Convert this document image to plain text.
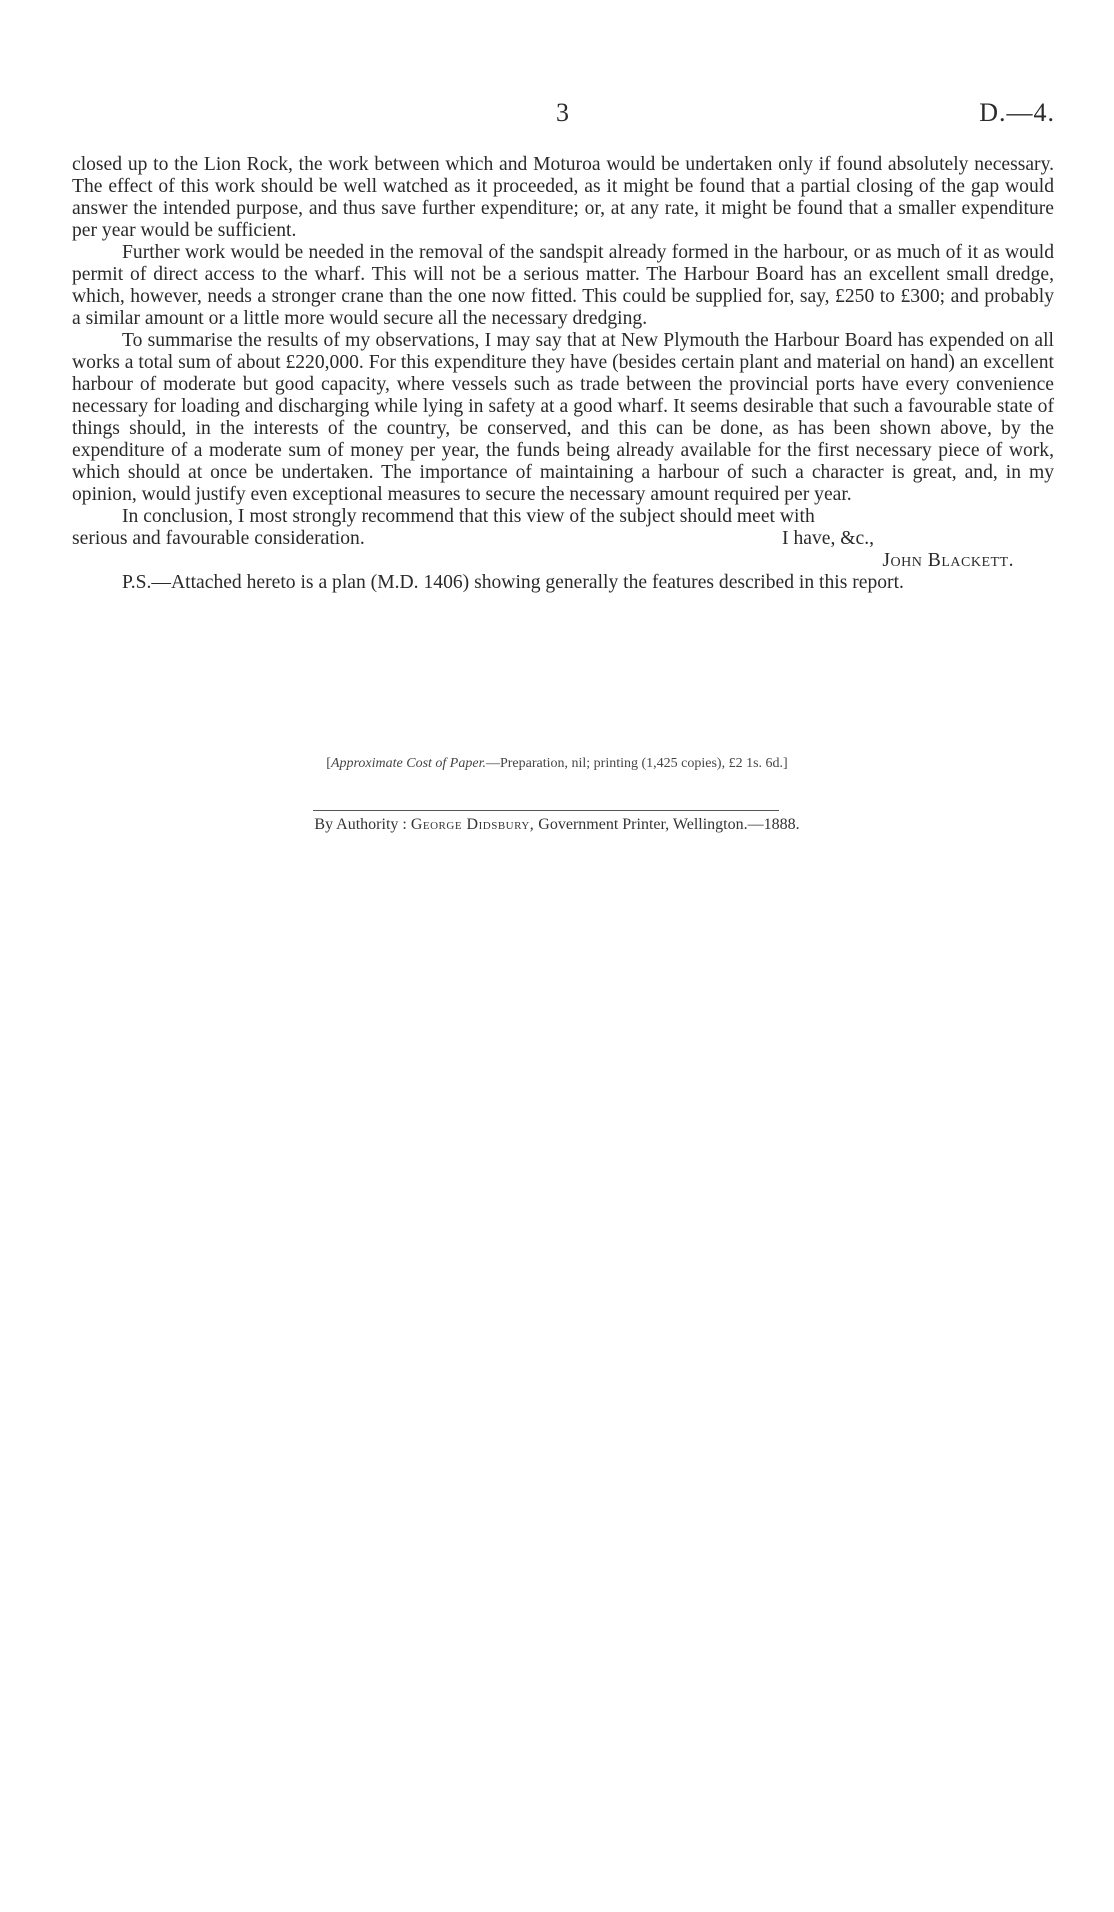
3	D.—4.

closed up to the Lion Rock, the work between which and Moturoa would be undertaken only if found absolutely necessary. The effect of this work should be well watched as it proceeded, as it might be found that a partial closing of the gap would answer the intended purpose, and thus save further expenditure; or, at any rate, it might be found that a smaller expenditure per year would be sufficient.

Further work would be needed in the removal of the sandspit already formed in the harbour, or as much of it as would permit of direct access to the wharf. This will not be a serious matter. The Harbour Board has an excellent small dredge, which, however, needs a stronger crane than the one now fitted. This could be supplied for, say, £250 to £300; and probably a similar amount or a little more would secure all the necessary dredging.

To summarise the results of my observations, I may say that at New Plymouth the Harbour Board has expended on all works a total sum of about £220,000. For this expenditure they have (besides certain plant and material on hand) an excellent harbour of moderate but good capacity, where vessels such as trade between the provincial ports have every convenience necessary for loading and discharging while lying in safety at a good wharf. It seems desirable that such a favourable state of things should, in the interests of the country, be conserved, and this can be done, as has been shown above, by the expenditure of a moderate sum of money per year, the funds being already available for the first necessary piece of work, which should at once be undertaken. The importance of maintaining a harbour of such a character is great, and, in my opinion, would justify even exceptional measures to secure the necessary amount required per year.

In conclusion, I most strongly recommend that this view of the subject should meet with

serious and favourable consideration.	I have, &c.,
John Blackett.

P.S.—Attached hereto is a plan (M.D. 1406) showing generally the features described in this report.

[Approximate Cost of Paper.—Preparation, nil; printing (1,425 copies), £2 1s. 6d.]
By Authority : George Didsbury, Government Printer, Wellington.—1888.
